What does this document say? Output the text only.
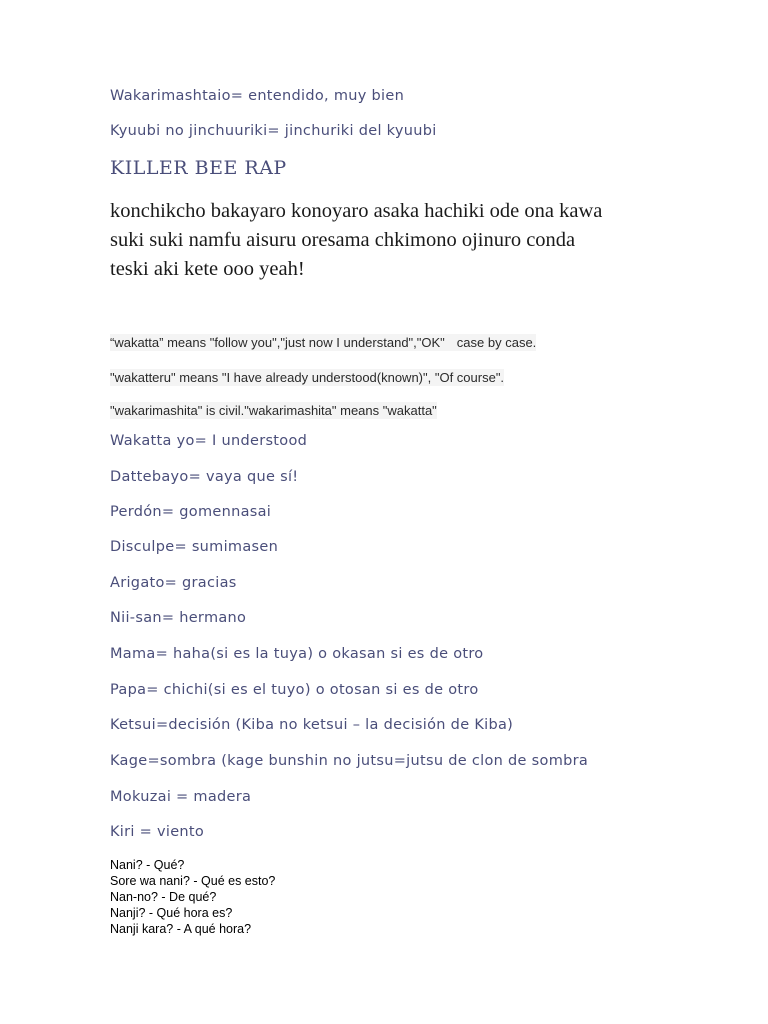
Wakarimashtaio= entendido, muy bien

Kyuubi no jinchuuriki= jinchuriki del kyuubi

KILLER BEE RAP

konchikcho bakayaro konoyaro asaka hachiki ode ona kawa
suki suki namfu aisuru oresama chkimono ojinuro conda
teski aki kete ooo yeah!

“wakatta” means "follow you","just now I understand","OK" case by case.

"wakatteru" means "I have already understood(known)", "Of course".

"wakarimashita" is civil."wakarimashita" means "wakatta"

Wakatta yo= I understood

Dattebayo= vaya que sí!

Perdón= gomennasai

Disculpe= sumimasen

Arigato= gracias

Nii-san= hermano

Mama= haha(si es la tuya) o okasan si es de otro

Papa= chichi(si es el tuyo) o otosan si es de otro

Ketsui=decisión (Kiba no ketsui – la decisión de Kiba)

Kage=sombra (kage bunshin no jutsu=jutsu de clon de sombra

Mokuzai = madera

Kiri = viento

Nani? - Qué?
Sore wa nani? - Qué es esto?
Nan-no? - De qué?
Nanji? - Qué hora es?
Nanji kara? - A qué hora?
